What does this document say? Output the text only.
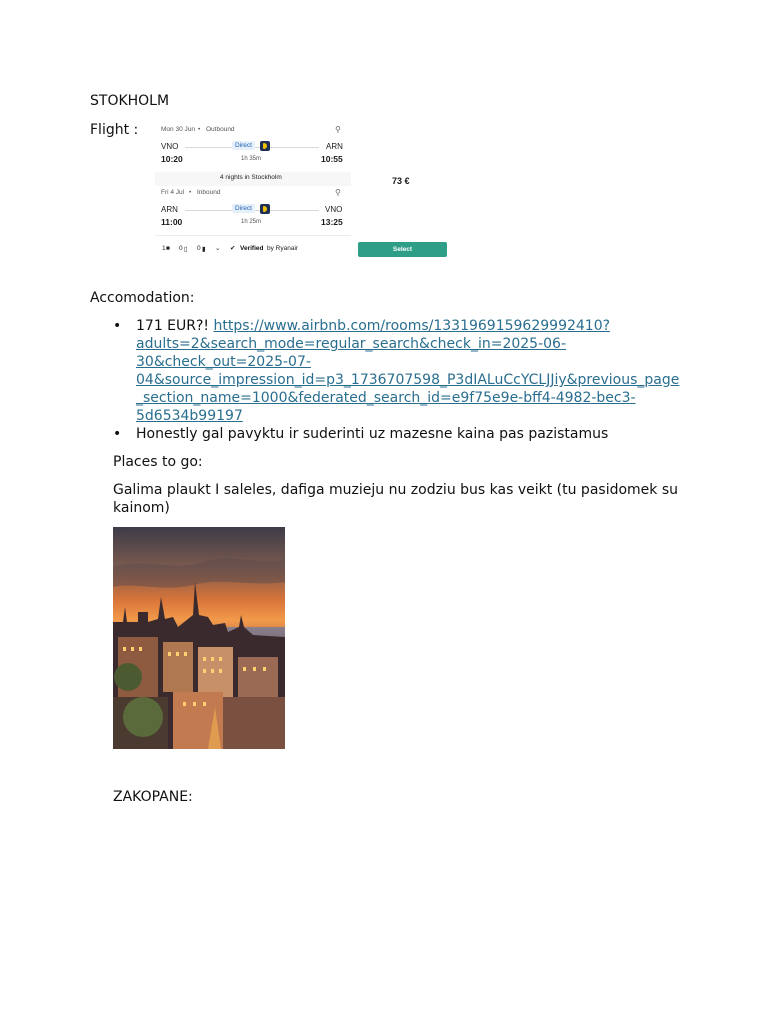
STOKHOLM
Flight :	Mon 30 Jun • Outbound	⚲
VNO	ARN
10:20	10:55
Direct
1h 35m
4 nights in Stockholm
Fri 4 Jul • Inbound	⚲
ARN	VNO
11:00	13:25
Direct
1h 25m
1 ■ 0 ▯ 0 ▮ ⌄ ✔ Verified by Ryanair
73 €
Select
Accomodation:
• 171 EUR?! https://www.airbnb.com/rooms/1331969159629992410?
adults=2&search_mode=regular_search&check_in=2025-06-
30&check_out=2025-07-
04&source_impression_id=p3_1736707598_P3dIALuCcYCLJJiy&previous_page
_section_name=1000&federated_search_id=e9f75e9e-bff4-4982-bec3-
5d6534b99197
• Honestly gal pavyktu ir suderinti uz mazesne kaina pas pazistamus
Places to go:
Galima plaukt I saleles, dafiga muzieju nu zodziu bus kas veikt (tu pasidomek su
kainom)
ZAKOPANE:
